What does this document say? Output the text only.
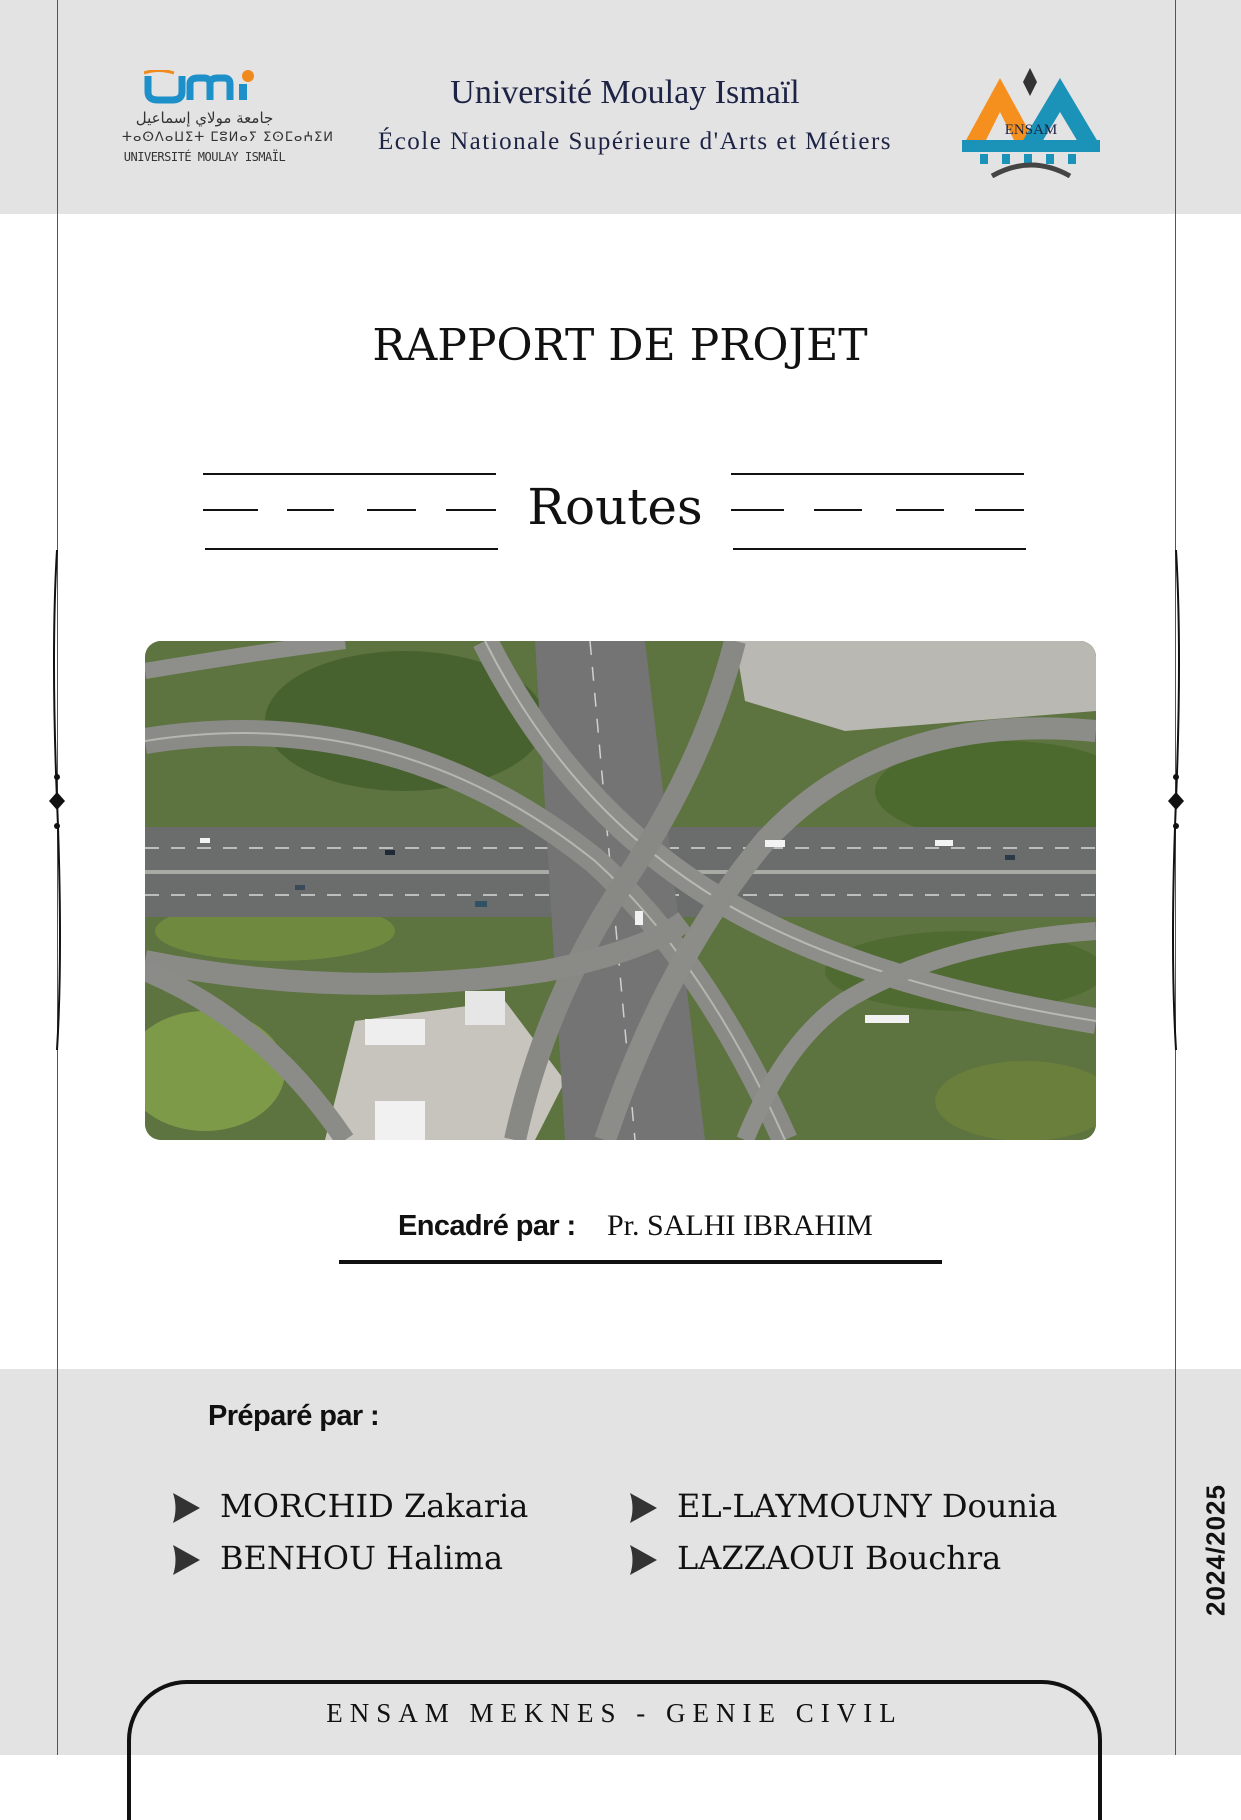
جامعة مولاي إسماعيل
ⵜⴰⵙⴷⴰⵡⵉⵜ ⵎⵓⵍⴰⵢ ⵉⵙⵎⴰⵄⵉⵍ
UNIVERSITÉ MOULAY ISMAÏL
Université Moulay Ismaïl
École Nationale Supérieure d'Arts et Métiers	ENSAM
RAPPORT DE PROJET
Routes
Encadré par : Pr. SALHI IBRAHIM
Préparé par :
MORCHID Zakaria
BENHOU Halima
EL-LAYMOUNY Dounia
LAZZAOUI Bouchra	2024/2025
ENSAM MEKNES - GENIE CIVIL
